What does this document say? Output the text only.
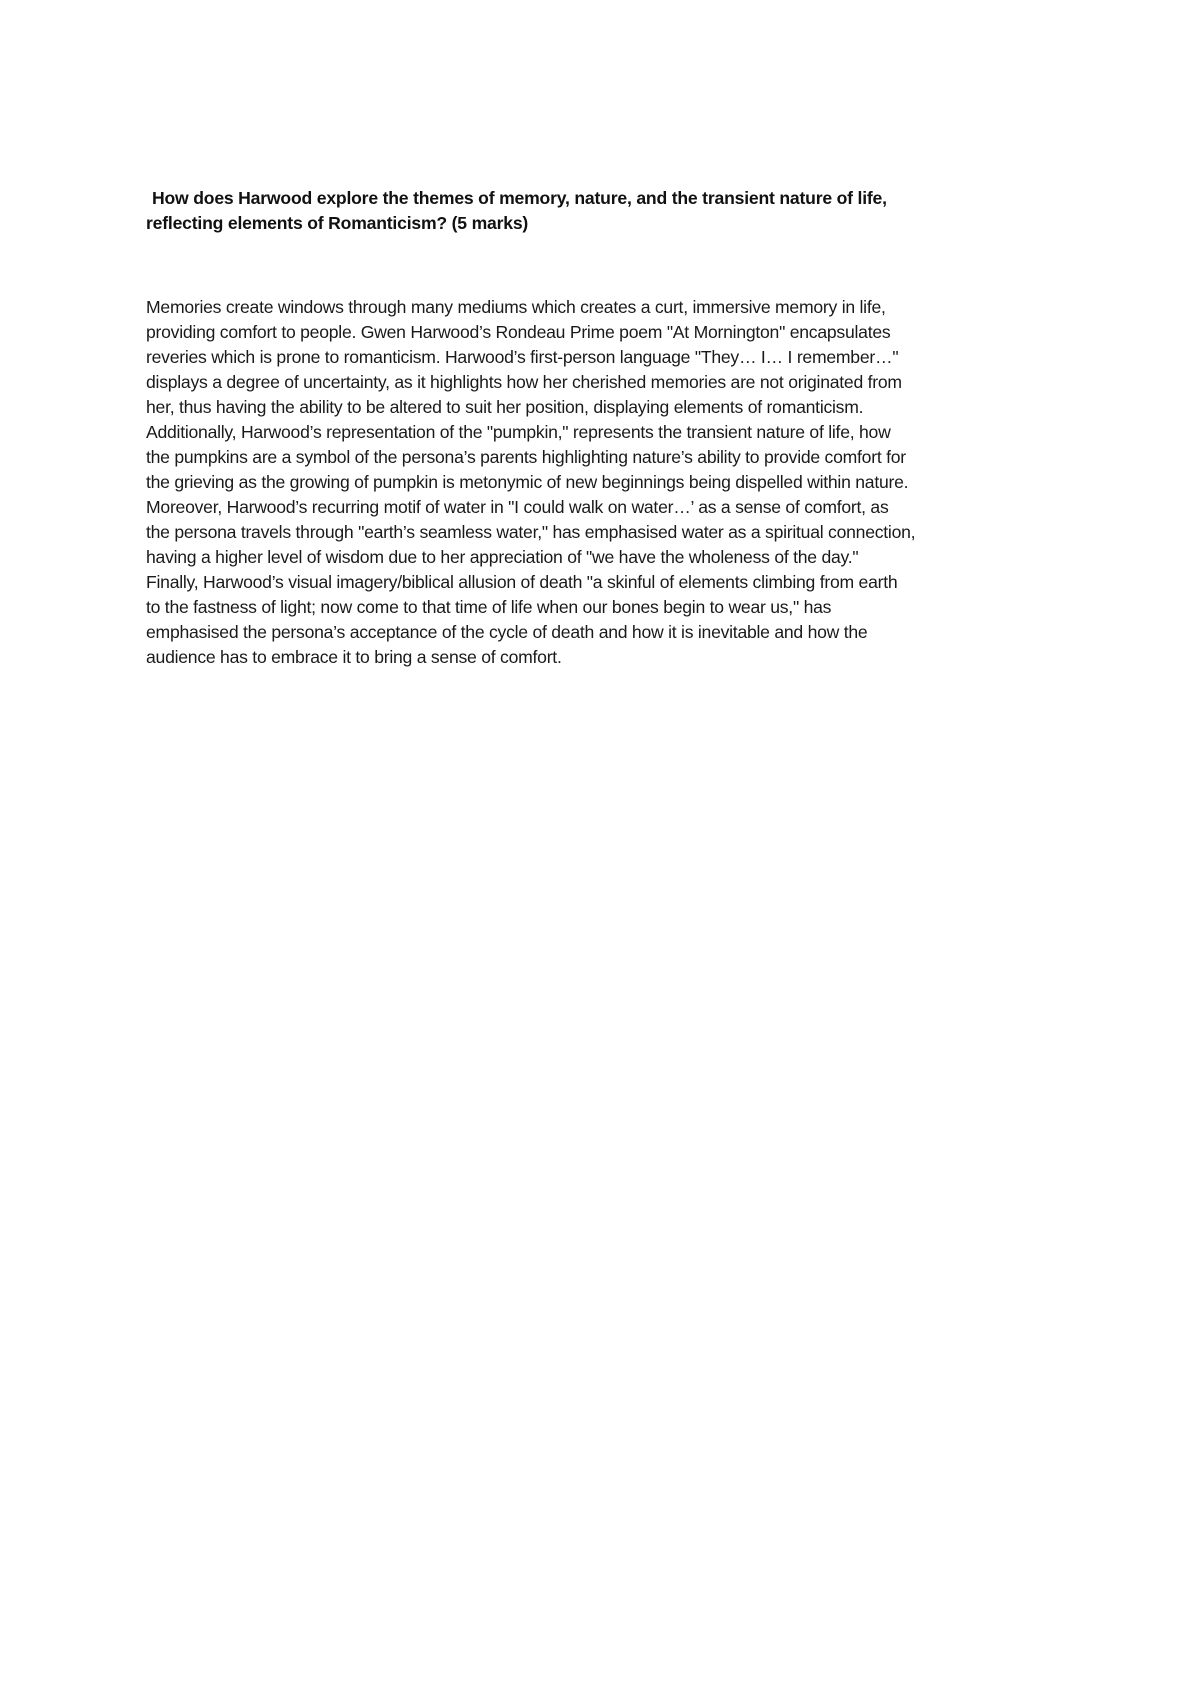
How does Harwood explore the themes of memory, nature, and the transient nature of life,
reflecting elements of Romanticism? (5 marks)

Memories create windows through many mediums which creates a curt, immersive memory in life,
providing comfort to people. Gwen Harwood’s Rondeau Prime poem "At Mornington" encapsulates
reveries which is prone to romanticism. Harwood’s first-person language "They… I… I remember…"
displays a degree of uncertainty, as it highlights how her cherished memories are not originated from
her, thus having the ability to be altered to suit her position, displaying elements of romanticism.
Additionally, Harwood’s representation of the "pumpkin," represents the transient nature of life, how
the pumpkins are a symbol of the persona’s parents highlighting nature’s ability to provide comfort for
the grieving as the growing of pumpkin is metonymic of new beginnings being dispelled within nature.
Moreover, Harwood’s recurring motif of water in "I could walk on water…’ as a sense of comfort, as
the persona travels through "earth’s seamless water," has emphasised water as a spiritual connection,
having a higher level of wisdom due to her appreciation of "we have the wholeness of the day."
Finally, Harwood’s visual imagery/biblical allusion of death "a skinful of elements climbing from earth
to the fastness of light; now come to that time of life when our bones begin to wear us," has
emphasised the persona’s acceptance of the cycle of death and how it is inevitable and how the
audience has to embrace it to bring a sense of comfort.
